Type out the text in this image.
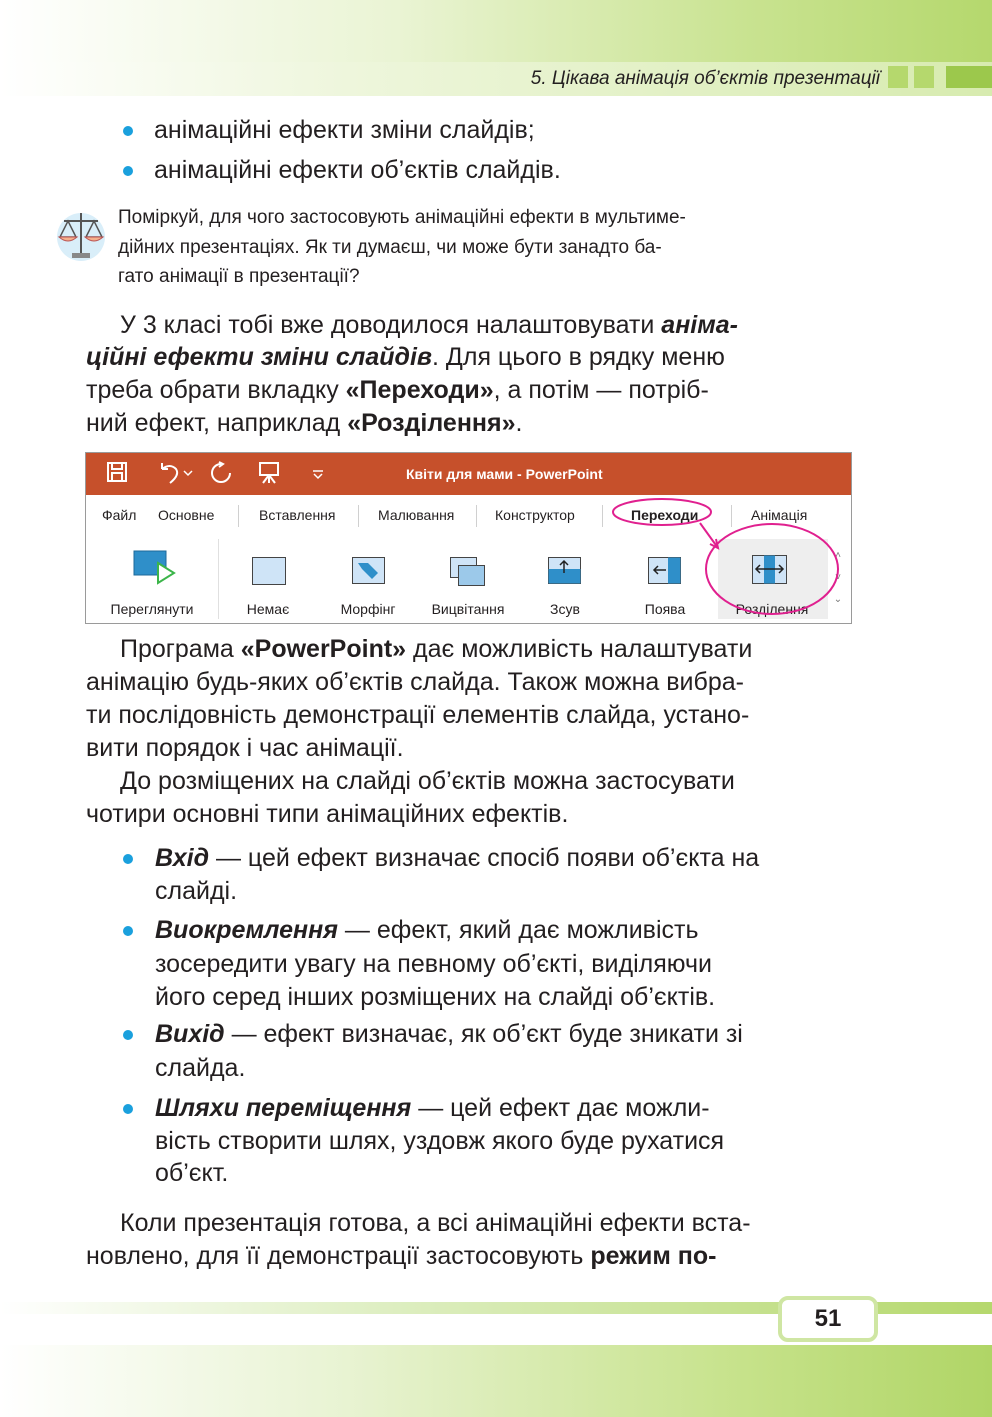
5. Цікава анімація об’єктів презентації
анімаційні ефекти зміни слайдів;
анімаційні ефекти об’єктів слайдів.
Поміркуй, для чого застосовують анімаційні ефекти в мультиме-
дійних презентаціях. Як ти думаєш, чи може бути занадто ба-
гато анімації в презентації?
У 3 класі тобі вже доводилося налаштовувати аніма-
ційні ефекти зміни слайдів. Для цього в рядку меню
треба обрати вкладку «Переходи», а потім — потріб-
ний ефект, наприклад «Розділення».
Квіти для мами - PowerPoint
Файл Основне	Вставлення	Малювання	Конструктор	Переходи	Анімація
Переглянути	Немає	Морфінг	Вицвітання	Зсув	Поява	Розділення
˄
˅
⌄
Програма «PowerPoint» дає можливість налаштувати
анімацію будь-яких об’єктів слайда. Також можна вибра-
ти послідовність демонстрації елементів слайда, устано-
вити порядок і час анімації.
До розміщених на слайді об’єктів можна застосувати
чотири основні типи анімаційних ефектів.
Вхід — цей ефект визначає спосіб появи об’єкта на
слайді.
Виокремлення — ефект, який дає можливість
зосередити увагу на певному об’єкті, виділяючи
його серед інших розміщених на слайді об’єктів.
Вихід — ефект визначає, як об’єкт буде зникати зі
слайда.
Шляхи переміщення — цей ефект дає можли-
вість створити шлях, уздовж якого буде рухатися
об’єкт.
Коли презентація готова, а всі анімаційні ефекти вста-
новлено, для її демонстрації застосовують режим по-
51
